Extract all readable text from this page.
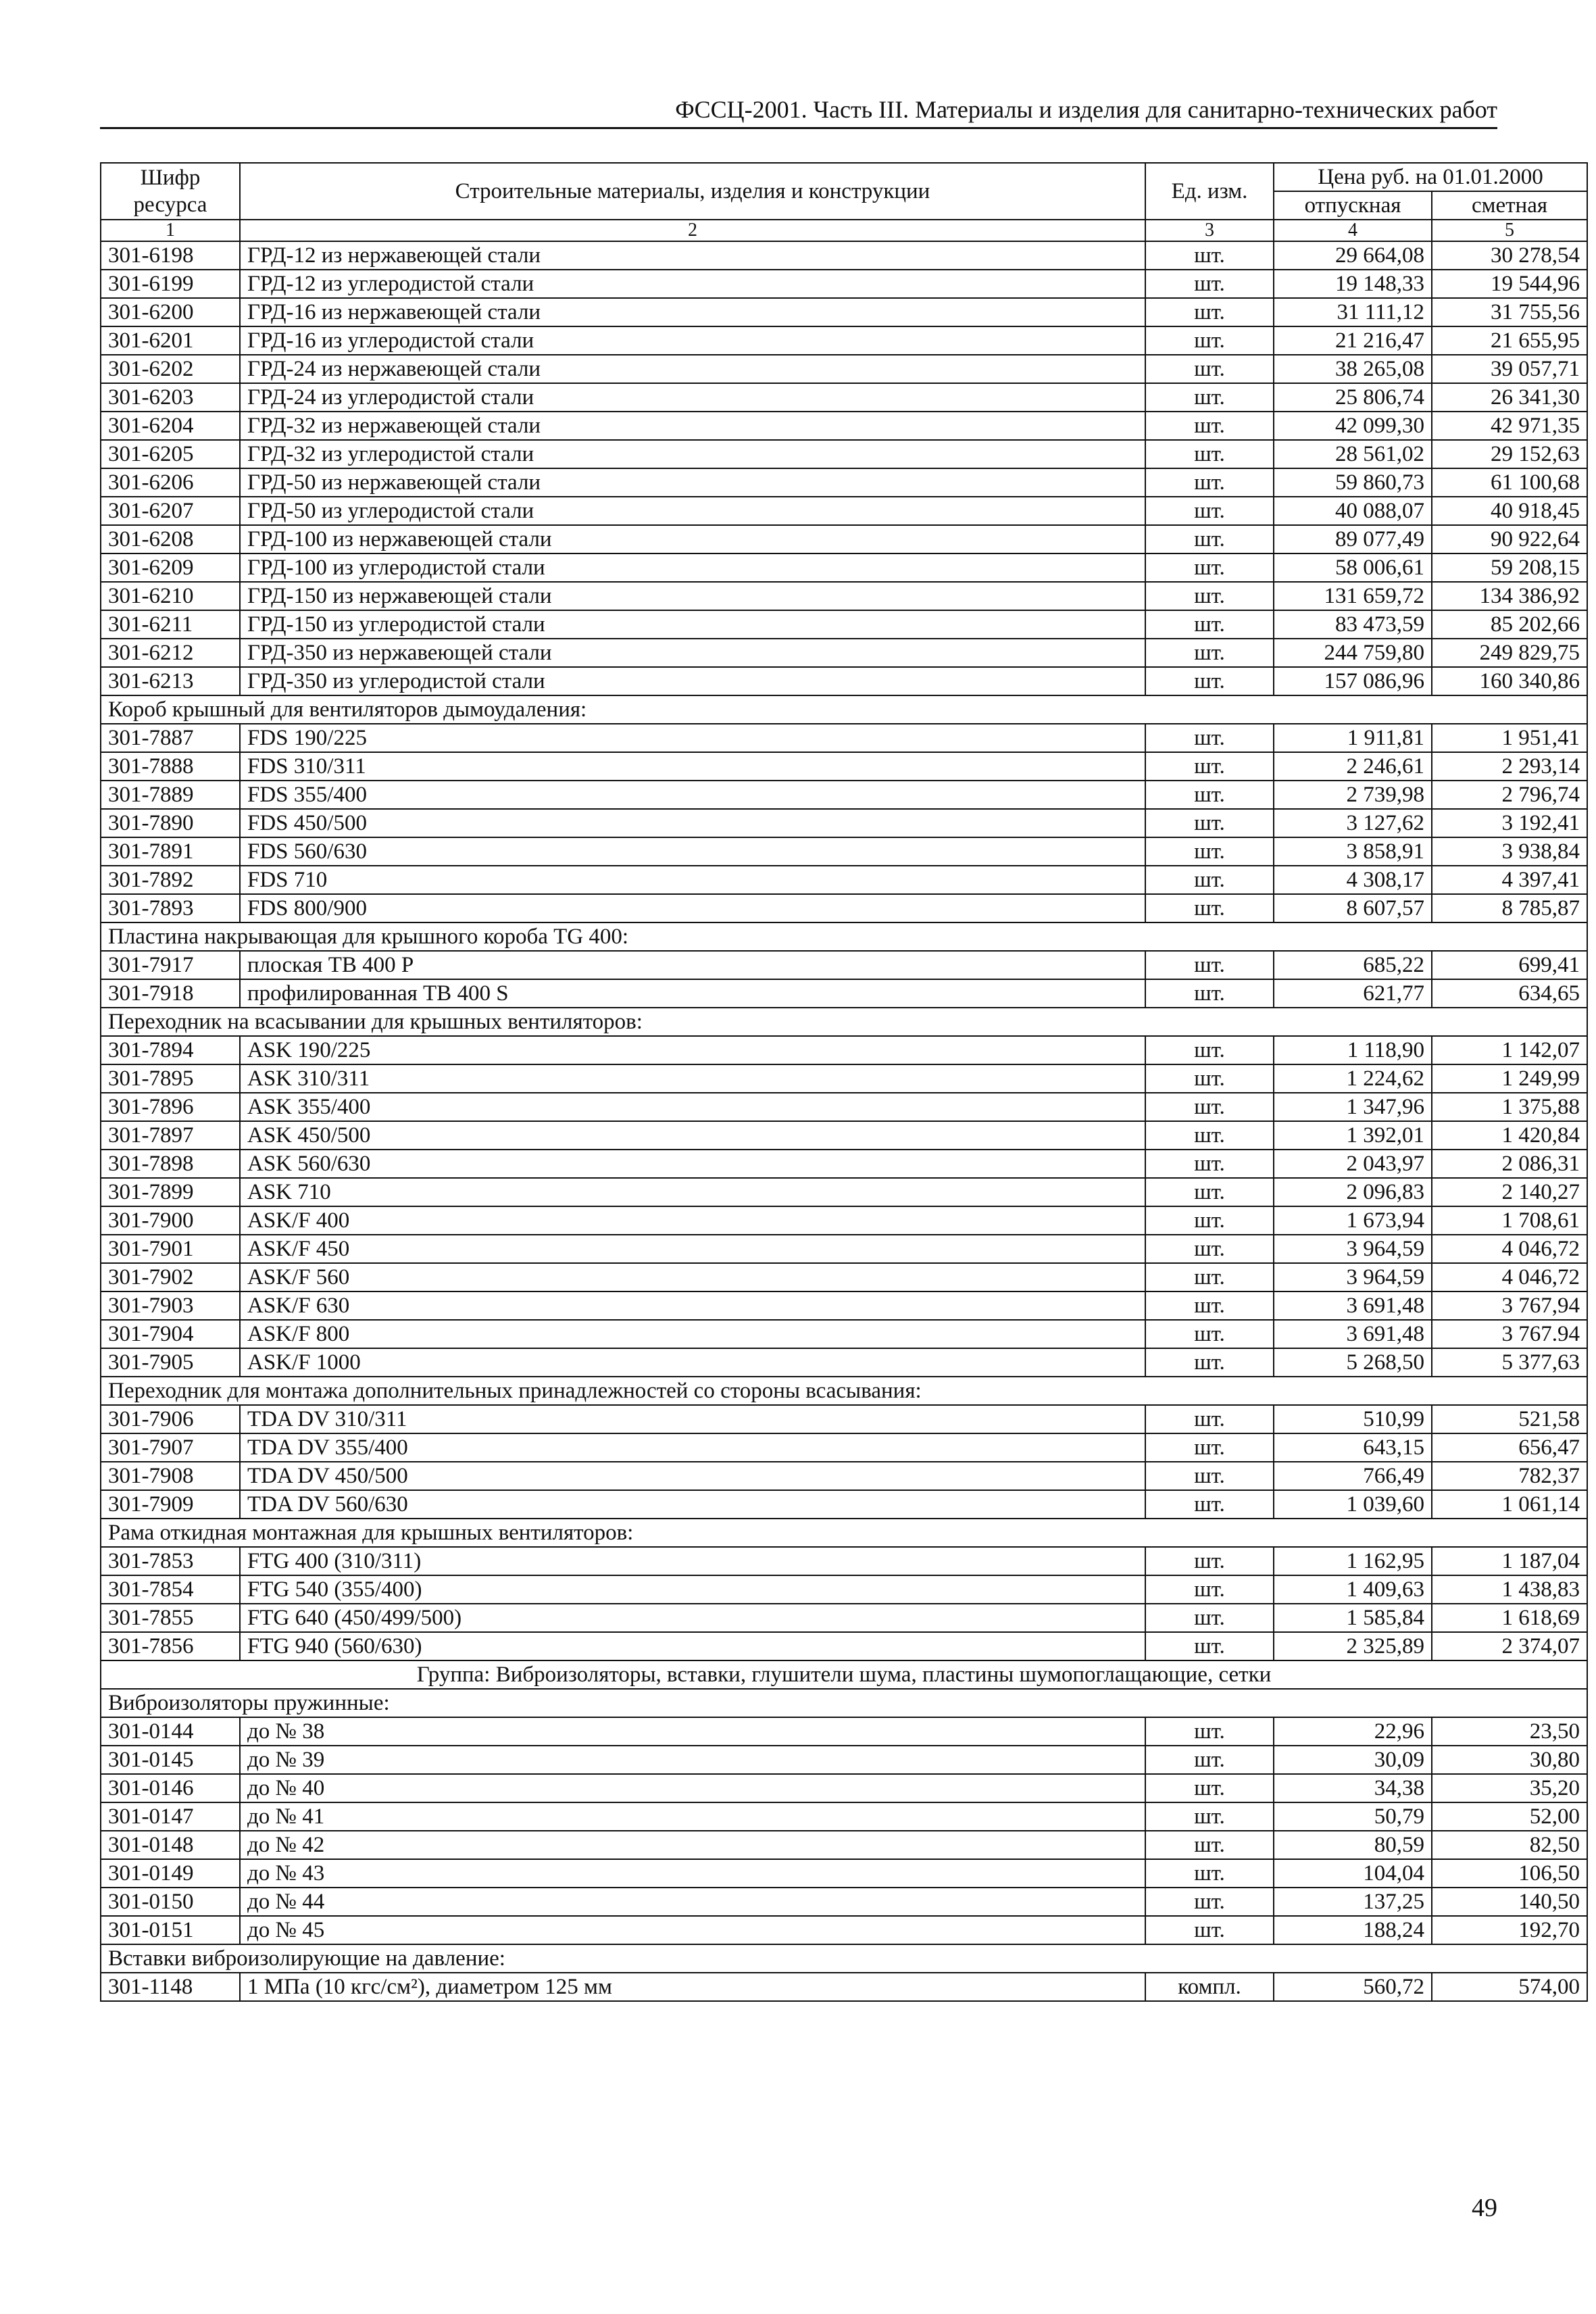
ФССЦ-2001. Часть III. Материалы и изделия для санитарно-технических работ
Шифр ресурса	Строительные материалы, изделия и конструкции	Ед. изм.	Цена руб. на 01.01.2000	
			отпускная	сметная
1	2	3	4	5
301-6198	ГРД-12 из нержавеющей стали	шт.	29 664,08	30 278,54
301-6199	ГРД-12 из углеродистой стали	шт.	19 148,33	19 544,96
301-6200	ГРД-16 из нержавеющей стали	шт.	31 111,12	31 755,56
301-6201	ГРД-16 из углеродистой стали	шт.	21 216,47	21 655,95
301-6202	ГРД-24 из нержавеющей стали	шт.	38 265,08	39 057,71
301-6203	ГРД-24 из углеродистой стали	шт.	25 806,74	26 341,30
301-6204	ГРД-32 из нержавеющей стали	шт.	42 099,30	42 971,35
301-6205	ГРД-32 из углеродистой стали	шт.	28 561,02	29 152,63
301-6206	ГРД-50 из нержавеющей стали	шт.	59 860,73	61 100,68
301-6207	ГРД-50 из углеродистой стали	шт.	40 088,07	40 918,45
301-6208	ГРД-100 из нержавеющей стали	шт.	89 077,49	90 922,64
301-6209	ГРД-100 из углеродистой стали	шт.	58 006,61	59 208,15
301-6210	ГРД-150 из нержавеющей стали	шт.	131 659,72	134 386,92
301-6211	ГРД-150 из углеродистой стали	шт.	83 473,59	85 202,66
301-6212	ГРД-350 из нержавеющей стали	шт.	244 759,80	249 829,75
301-6213	ГРД-350 из углеродистой стали	шт.	157 086,96	160 340,86
Короб крышный для вентиляторов дымоудаления:				
301-7887	FDS 190/225	шт.	1 911,81	1 951,41
301-7888	FDS 310/311	шт.	2 246,61	2 293,14
301-7889	FDS 355/400	шт.	2 739,98	2 796,74
301-7890	FDS 450/500	шт.	3 127,62	3 192,41
301-7891	FDS 560/630	шт.	3 858,91	3 938,84
301-7892	FDS 710	шт.	4 308,17	4 397,41
301-7893	FDS 800/900	шт.	8 607,57	8 785,87
Пластина накрывающая для крышного короба TG 400:				
301-7917	плоская ТВ 400 Р	шт.	685,22	699,41
301-7918	профилированная ТВ 400 S	шт.	621,77	634,65
Переходник на всасывании для крышных вентиляторов:				
301-7894	ASK 190/225	шт.	1 118,90	1 142,07
301-7895	ASK 310/311	шт.	1 224,62	1 249,99
301-7896	ASK 355/400	шт.	1 347,96	1 375,88
301-7897	ASK 450/500	шт.	1 392,01	1 420,84
301-7898	ASK 560/630	шт.	2 043,97	2 086,31
301-7899	ASK 710	шт.	2 096,83	2 140,27
301-7900	ASK/F 400	шт.	1 673,94	1 708,61
301-7901	ASK/F 450	шт.	3 964,59	4 046,72
301-7902	ASK/F 560	шт.	3 964,59	4 046,72
301-7903	ASK/F 630	шт.	3 691,48	3 767,94
301-7904	ASK/F 800	шт.	3 691,48	3 767.94
301-7905	ASK/F 1000	шт.	5 268,50	5 377,63
Переходник для монтажа дополнительных принадлежностей со стороны всасывания:				
301-7906	TDA DV 310/311	шт.	510,99	521,58
301-7907	TDA DV 355/400	шт.	643,15	656,47
301-7908	TDA DV 450/500	шт.	766,49	782,37
301-7909	TDA DV 560/630	шт.	1 039,60	1 061,14
Рама откидная монтажная для крышных вентиляторов:				
301-7853	FTG 400 (310/311)	шт.	1 162,95	1 187,04
301-7854	FTG 540 (355/400)	шт.	1 409,63	1 438,83
301-7855	FTG 640 (450/499/500)	шт.	1 585,84	1 618,69
301-7856	FTG 940 (560/630)	шт.	2 325,89	2 374,07
Группа: Виброизоляторы, вставки, глушители шума, пластины шумопоглащающие, сетки				
Виброизоляторы пружинные:				
301-0144	до № 38	шт.	22,96	23,50
301-0145	до № 39	шт.	30,09	30,80
301-0146	до № 40	шт.	34,38	35,20
301-0147	до № 41	шт.	50,79	52,00
301-0148	до № 42	шт.	80,59	82,50
301-0149	до № 43	шт.	104,04	106,50
301-0150	до № 44	шт.	137,25	140,50
301-0151	до № 45	шт.	188,24	192,70
Вставки виброизолирующие на давление:				
301-1148	1 МПа (10 кгс/см²), диаметром 125 мм	компл.	560,72	574,00
49
